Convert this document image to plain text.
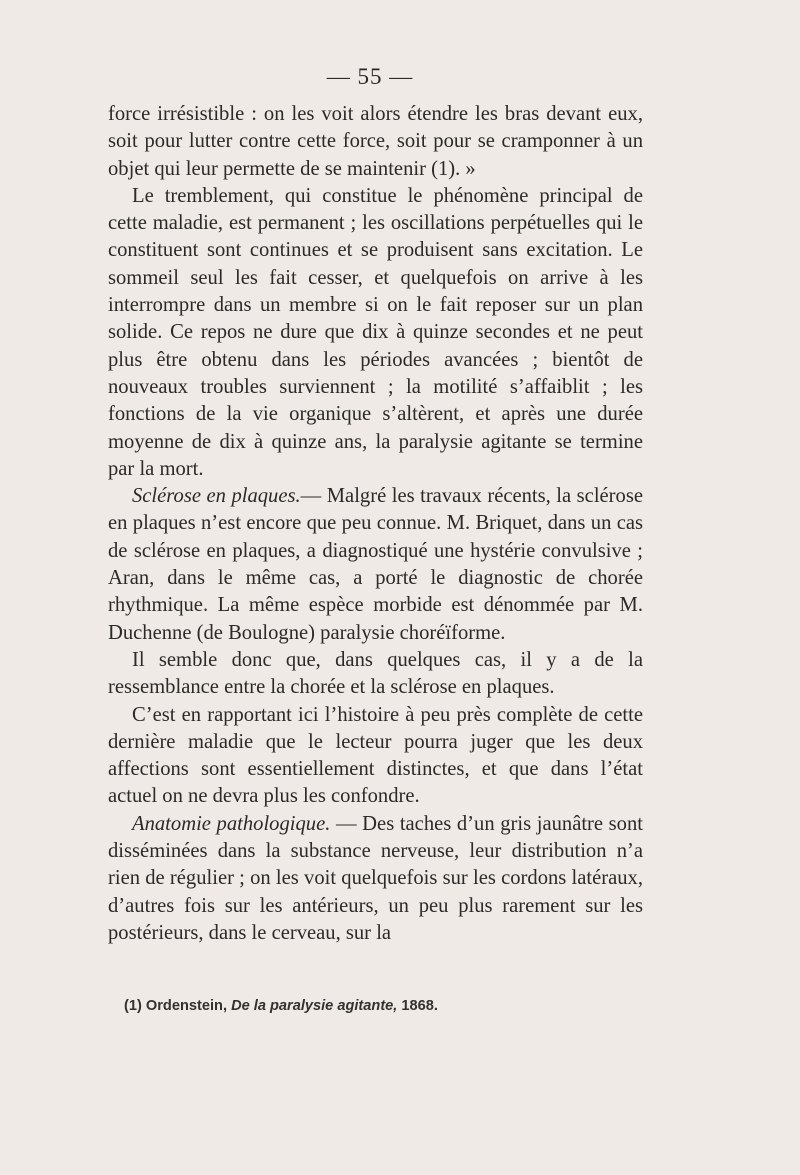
— 55 —

force irrésistible : on les voit alors étendre les bras devant eux, soit pour lutter contre cette force, soit pour se cramponner à un objet qui leur permette de se maintenir (1). »

Le tremblement, qui constitue le phénomène principal de cette maladie, est permanent ; les oscillations perpétuelles qui le constituent sont continues et se produisent sans excitation. Le sommeil seul les fait cesser, et quelquefois on arrive à les interrompre dans un membre si on le fait reposer sur un plan solide. Ce repos ne dure que dix à quinze secondes et ne peut plus être obtenu dans les périodes avancées ; bientôt de nouveaux troubles surviennent ; la motilité s’affaiblit ; les fonctions de la vie organique s’altèrent, et après une durée moyenne de dix à quinze ans, la paralysie agitante se termine par la mort.

Sclérose en plaques.— Malgré les travaux récents, la sclérose en plaques n’est encore que peu connue. M. Briquet, dans un cas de sclérose en plaques, a diagnostiqué une hystérie convulsive ; Aran, dans le même cas, a porté le diagnostic de chorée rhythmique. La même espèce morbide est dénommée par M. Duchenne (de Boulogne) paralysie choréïforme.

Il semble donc que, dans quelques cas, il y a de la ressemblance entre la chorée et la sclérose en plaques.

C’est en rapportant ici l’histoire à peu près complète de cette dernière maladie que le lecteur pourra juger que les deux affections sont essentiellement distinctes, et que dans l’état actuel on ne devra plus les confondre.

Anatomie pathologique. — Des taches d’un gris jaunâtre sont disséminées dans la substance nerveuse, leur distribution n’a rien de régulier ; on les voit quelquefois sur les cordons latéraux, d’autres fois sur les antérieurs, un peu plus rarement sur les postérieurs, dans le cerveau, sur la

(1) Ordenstein, De la paralysie agitante, 1868.
